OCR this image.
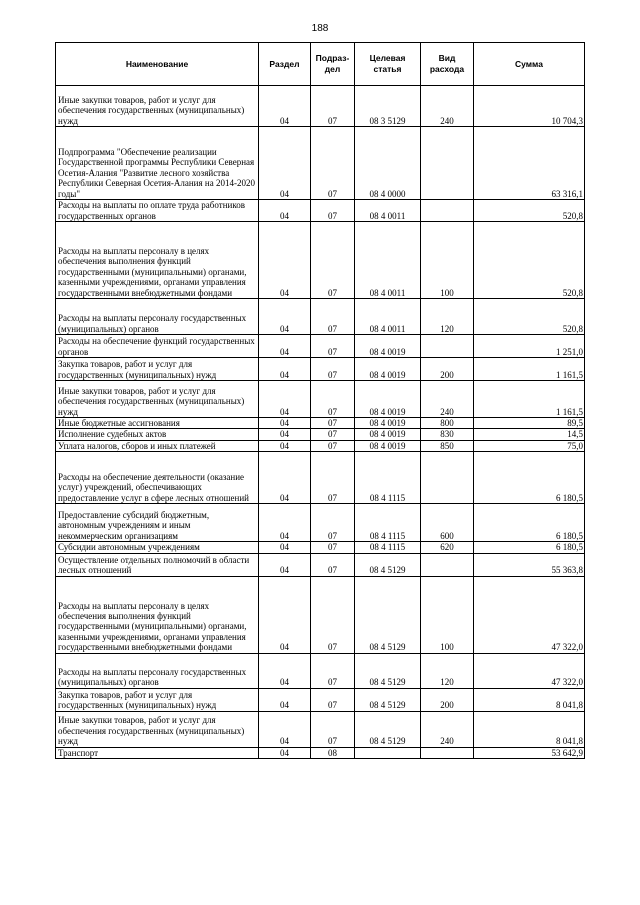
188
Наименование	Раздел	Подраз-дел	Целевая статья	Вид расхода	Сумма
Иные закупки товаров, работ и услуг для обеспечения государственных (муниципальных) нужд	04	07	08 3 5129	240	10 704,3
Подпрограмма "Обеспечение реализации Государственной программы Республики Северная Осетия-Алания "Развитие лесного хозяйства Республики Северная Осетия-Алания на 2014-2020 годы"	04	07	08 4 0000		63 316,1
Расходы на выплаты по оплате труда работников государственных органов	04	07	08 4 0011		520,8
Расходы на выплаты персоналу в целях обеспечения выполнения функций государственными (муниципальными) органами, казенными учреждениями, органами управления государственными внебюджетными фондами	04	07	08 4 0011	100	520,8
Расходы на выплаты персоналу государственных (муниципальных) органов	04	07	08 4 0011	120	520,8
Расходы на обеспечение функций государственных органов	04	07	08 4 0019		1 251,0
Закупка товаров, работ и услуг для государственных (муниципальных) нужд	04	07	08 4 0019	200	1 161,5
Иные закупки товаров, работ и услуг для обеспечения государственных (муниципальных) нужд	04	07	08 4 0019	240	1 161,5
Иные бюджетные ассигнования	04	07	08 4 0019	800	89,5
Исполнение судебных актов	04	07	08 4 0019	830	14,5
Уплата налогов, сборов и иных платежей	04	07	08 4 0019	850	75,0
Расходы на обеспечение деятельности (оказание услуг) учреждений, обеспечивающих предоставление услуг в сфере лесных отношений	04	07	08 4 1115		6 180,5
Предоставление субсидий бюджетным, автономным учреждениям и иным некоммерческим организациям	04	07	08 4 1115	600	6 180,5
Субсидии автономным учреждениям	04	07	08 4 1115	620	6 180,5
Осуществление отдельных полномочий в области лесных отношений	04	07	08 4 5129		55 363,8
Расходы на выплаты персоналу в целях обеспечения выполнения функций государственными (муниципальными) органами, казенными учреждениями, органами управления государственными внебюджетными фондами	04	07	08 4 5129	100	47 322,0
Расходы на выплаты персоналу государственных (муниципальных) органов	04	07	08 4 5129	120	47 322,0
Закупка товаров, работ и услуг для государственных (муниципальных) нужд	04	07	08 4 5129	200	8 041,8
Иные закупки товаров, работ и услуг для обеспечения государственных (муниципальных) нужд	04	07	08 4 5129	240	8 041,8
Транспорт	04	08			53 642,9
